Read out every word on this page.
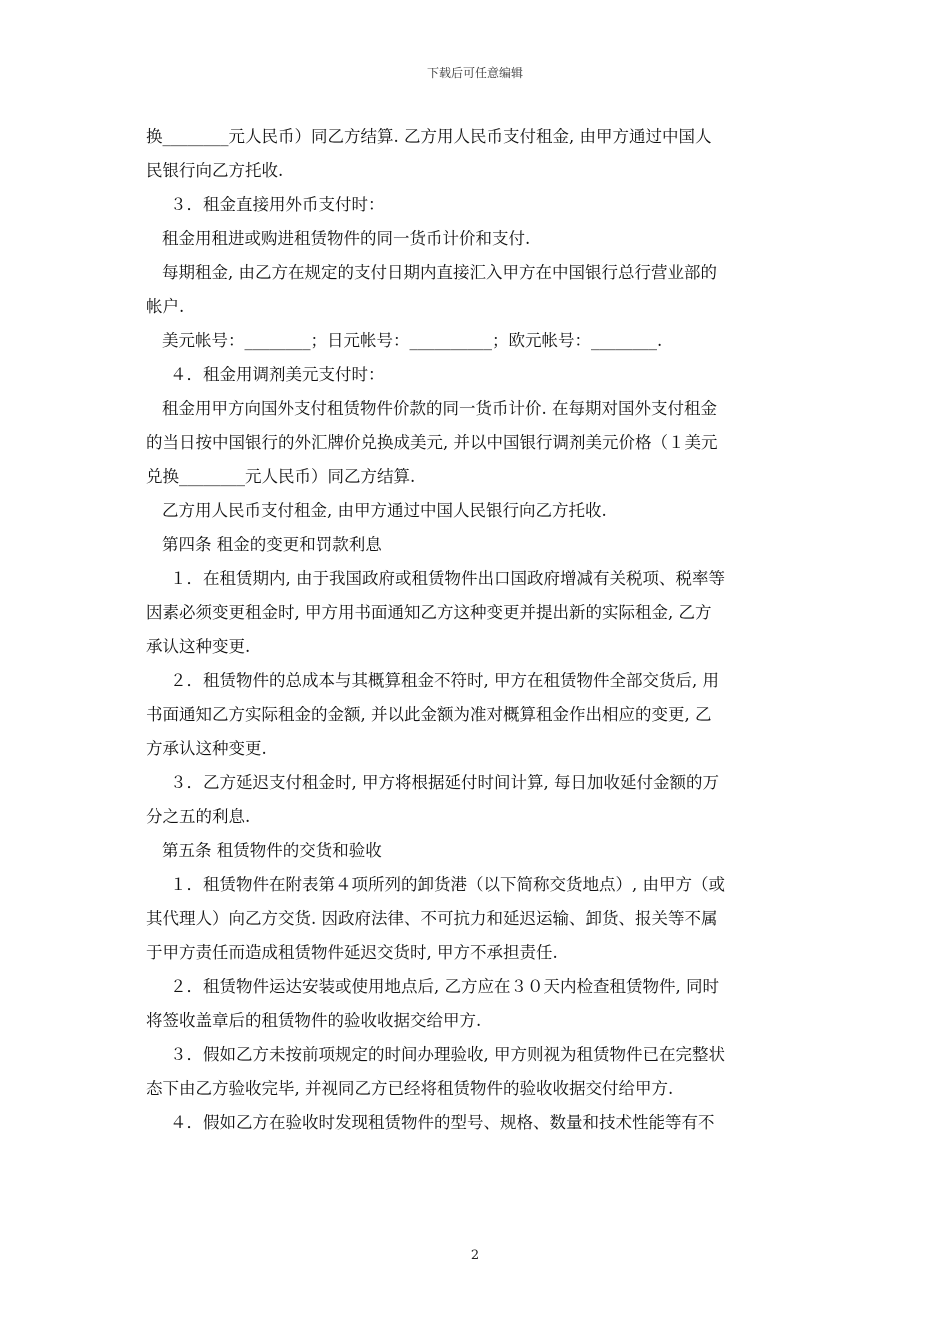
下载后可任意编辑
换________元人民币）同乙方结算. 乙方用人民币支付租金, 由甲方通过中国人
民银行向乙方托收.
３．租金直接用外币支付时：
租金用租进或购进租赁物件的同一货币计价和支付.
每期租金, 由乙方在规定的支付日期内直接汇入甲方在中国银行总行营业部的
帐户.
美元帐号：________；日元帐号：__________；欧元帐号：________.
４．租金用调剂美元支付时：
租金用甲方向国外支付租赁物件价款的同一货币计价. 在每期对国外支付租金
的当日按中国银行的外汇牌价兑换成美元, 并以中国银行调剂美元价格（１美元
兑换________元人民币）同乙方结算.
乙方用人民币支付租金, 由甲方通过中国人民银行向乙方托收.
第四条 租金的变更和罚款利息
１．在租赁期内, 由于我国政府或租赁物件出口国政府增减有关税项、税率等
因素必须变更租金时, 甲方用书面通知乙方这种变更并提出新的实际租金, 乙方
承认这种变更.
２．租赁物件的总成本与其概算租金不符时, 甲方在租赁物件全部交货后, 用
书面通知乙方实际租金的金额, 并以此金额为准对概算租金作出相应的变更, 乙
方承认这种变更.
３．乙方延迟支付租金时, 甲方将根据延付时间计算, 每日加收延付金额的万
分之五的利息.
第五条 租赁物件的交货和验收
１．租赁物件在附表第４项所列的卸货港（以下简称交货地点）, 由甲方（或
其代理人）向乙方交货. 因政府法律、不可抗力和延迟运输、卸货、报关等不属
于甲方责任而造成租赁物件延迟交货时, 甲方不承担责任.
２．租赁物件运达安装或使用地点后, 乙方应在３０天内检查租赁物件, 同时
将签收盖章后的租赁物件的验收收据交给甲方.
３．假如乙方未按前项规定的时间办理验收, 甲方则视为租赁物件已在完整状
态下由乙方验收完毕, 并视同乙方已经将租赁物件的验收收据交付给甲方.
４．假如乙方在验收时发现租赁物件的型号、规格、数量和技术性能等有不
2
